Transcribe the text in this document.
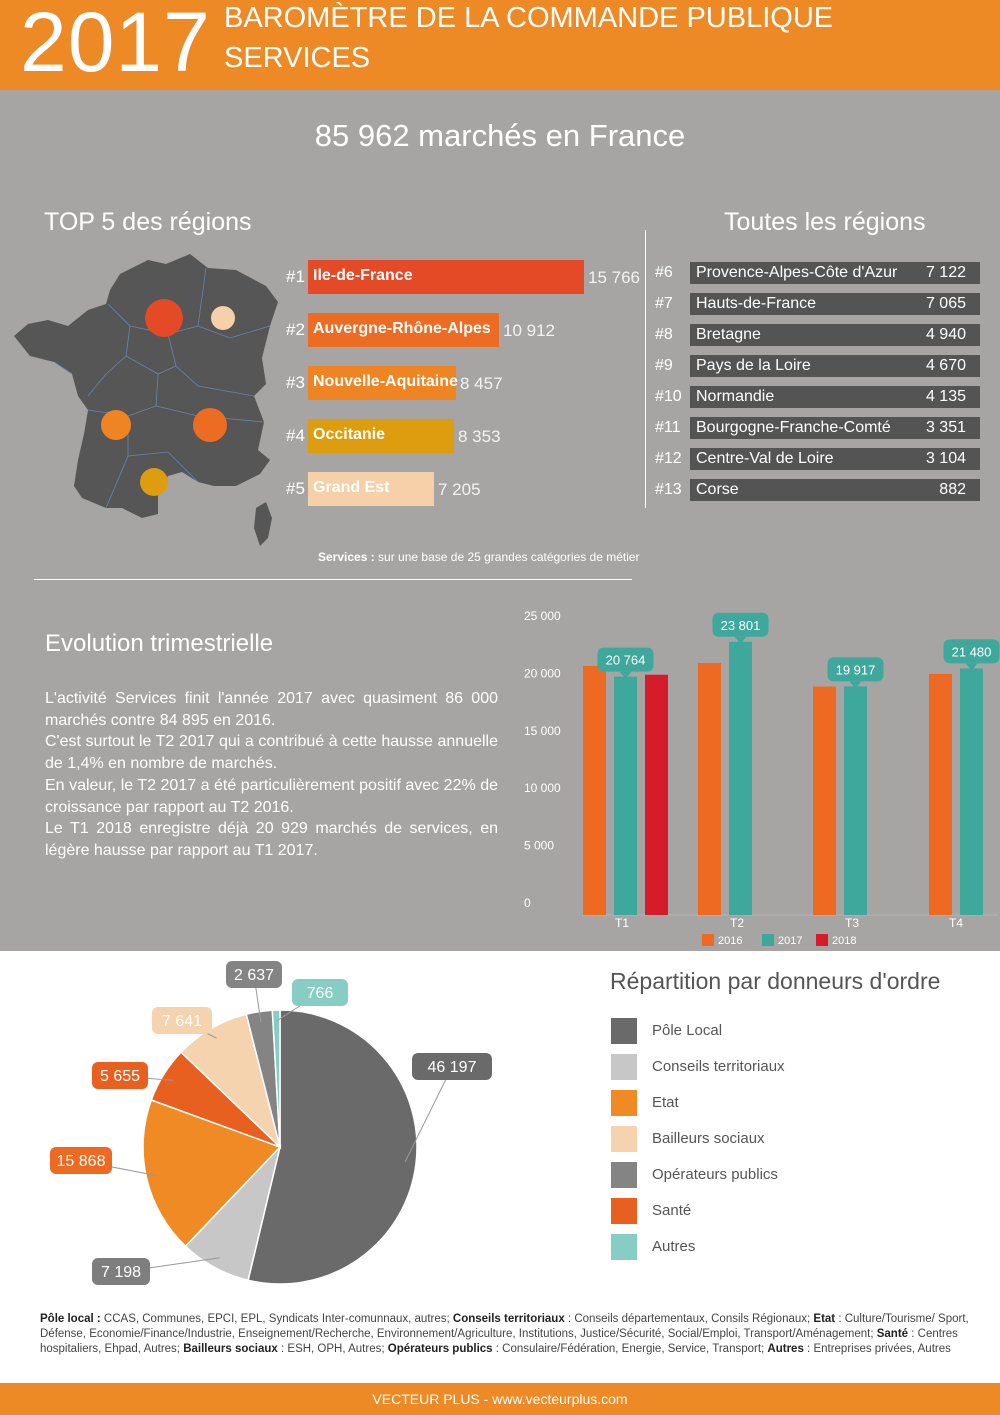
2017 BAROMÈTRE DE LA COMMANDE PUBLIQUE
SERVICES
85 962 marchés en France
TOP 5 des régions
#1 Ile-de-France	15 766
#2 Auvergne-Rhône-Alpes 10 912
#3 Nouvelle-Aquitaine 8 457
#4 Occitanie	8 353
#5 Grand Est	7 205
Toutes les régions
#6 Provence-Alpes-Côte d'Azur 7 122
#7 Hauts-de-France	7 065
#8 Bretagne	4 940
#9 Pays de la Loire	4 670
#10 Normandie	4 135
#11 Bourgogne-Franche-Comté 3 351
#12 Centre-Val de Loire	3 104
#13 Corse	882
Services : sur une base de 25 grandes catégories de métier
Evolution trimestrielle
L'activité Services finit l'année 2017 avec quasiment 86 000 marchés contre 84 895 en 2016.
C'est surtout le T2 2017 qui a contribué à cette hausse annuelle de 1,4% en nombre de marchés.
En valeur, le T2 2017 a été particulièrement positif avec 22% de croissance par rapport au T2 2016.
Le T1 2018 enregistre déjà 20 929 marchés de services, en légère hausse par rapport au T1 2017.
25 000
20 000
15 000
10 000
5 000
0
20 764
T1
23 801
T2
19 917
T3
21 480
T4
2016	2017	2018
46 197
7 198
15 868
5 655
7 641
2 637
766	Répartition par donneurs d'ordre
Pôle Local
Conseils territoriaux
Etat
Bailleurs sociaux
Opérateurs publics
Santé
Autres
Pôle local : CCAS, Communes, EPCI, EPL, Syndicats Inter-comunnaux, autres; Conseils territoriaux : Conseils départementaux, Consils Régionaux; Etat : Culture/Tourisme/ Sport, Défense, Economie/Finance/Industrie, Enseignement/Recherche, Environnement/Agriculture, Institutions, Justice/Sécurité, Social/Emploi, Transport/Aménagement; Santé : Centres hospitaliers, Ehpad, Autres; Bailleurs sociaux : ESH, OPH, Autres; Opérateurs publics : Consulaire/Fédération, Energie, Service, Transport; Autres : Entreprises privées, Autres
VECTEUR PLUS - www.vecteurplus.com
